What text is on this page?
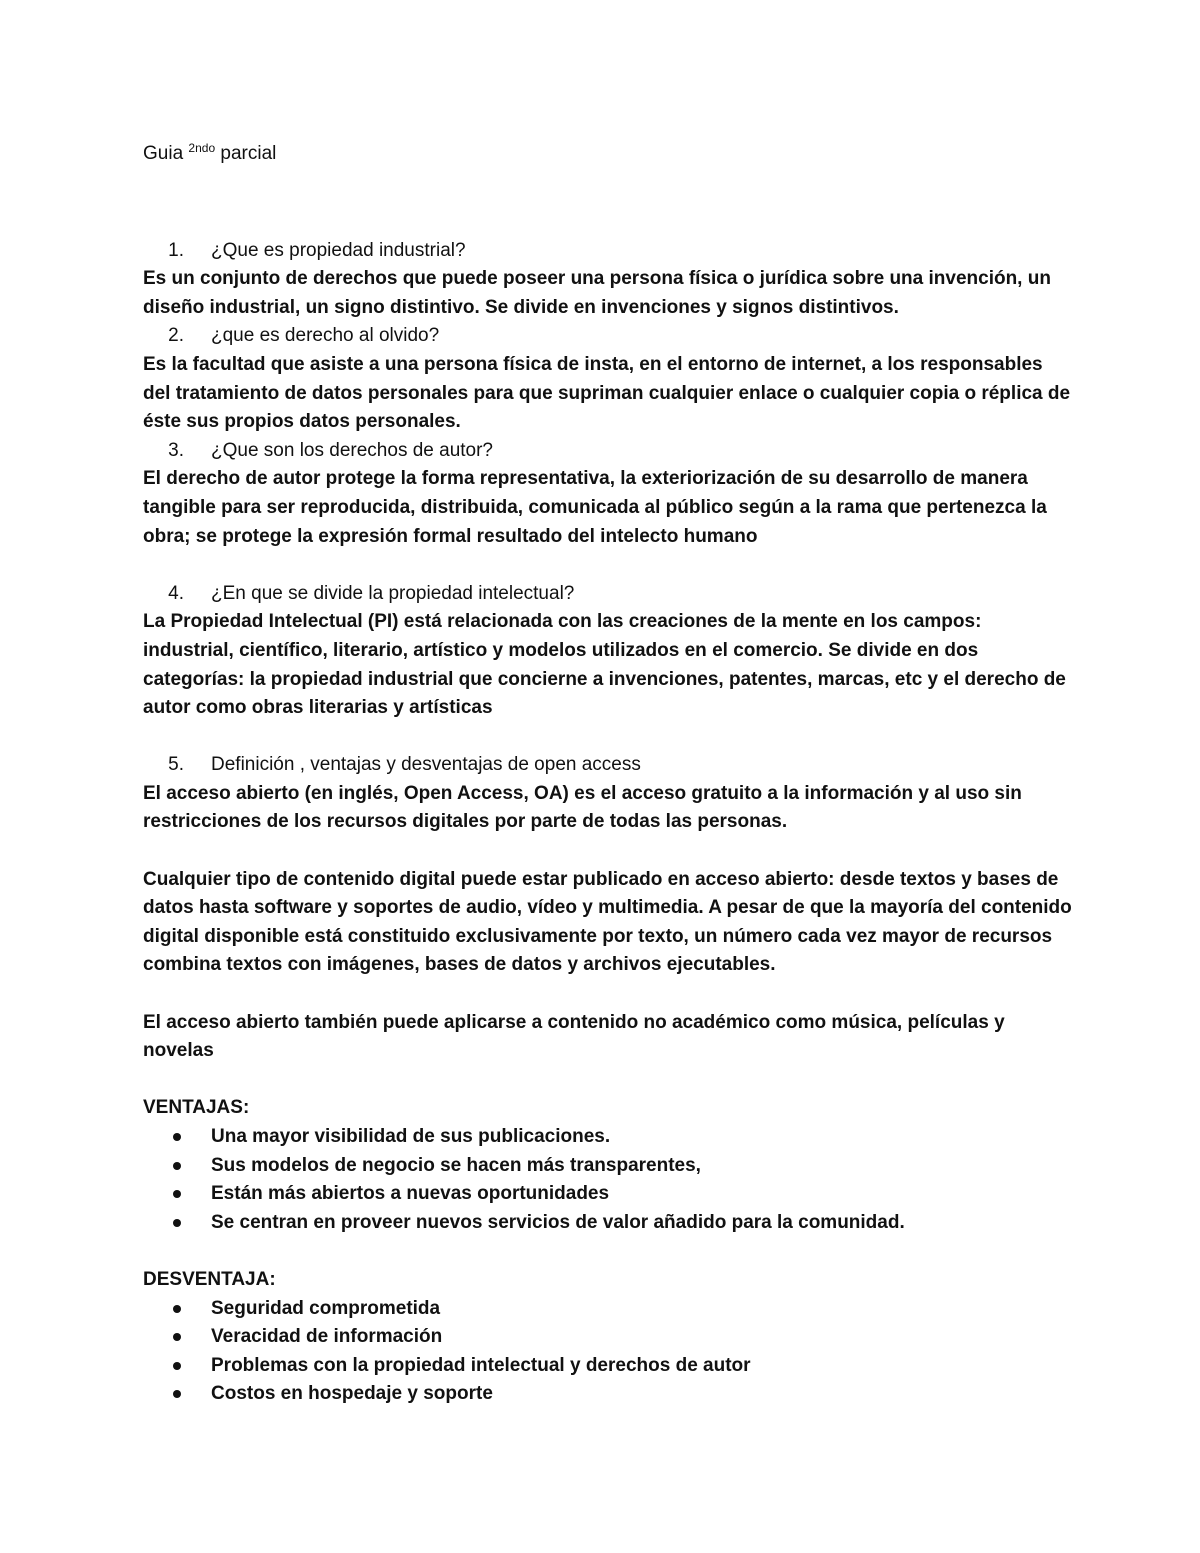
Guia $^{2ndo}$ parcial

1.	¿Que es propiedad industrial?

Es un conjunto de derechos que puede poseer una persona física o jurídica sobre una invención, un diseño industrial, un signo distintivo. Se divide en invenciones y signos distintivos.

2.	¿que es derecho al olvido?

Es la facultad que asiste a una persona física de insta, en el entorno de internet, a los responsables del tratamiento de datos personales para que supriman cualquier enlace o cualquier copia o réplica de éste sus propios datos personales.

3.	¿Que son los derechos de autor?

El derecho de autor protege la forma representativa, la exteriorización de su desarrollo de manera tangible para ser reproducida, distribuida, comunicada al público según a la rama que pertenezca la obra; se protege la expresión formal resultado del intelecto humano

4.	¿En que se divide la propiedad intelectual?

La Propiedad Intelectual (PI) está relacionada con las creaciones de la mente en los campos: industrial, científico, literario, artístico y modelos utilizados en el comercio. Se divide en dos categorías: la propiedad industrial que concierne a invenciones, patentes, marcas, etc y el derecho de autor como obras literarias y artísticas

5.	Definición , ventajas y desventajas de open access

El acceso abierto (en inglés, Open Access, OA) es el acceso gratuito a la información y al uso sin restricciones de los recursos digitales por parte de todas las personas.

Cualquier tipo de contenido digital puede estar publicado en acceso abierto: desde textos y bases de datos hasta software y soportes de audio, vídeo y multimedia. A pesar de que la mayoría del contenido digital disponible está constituido exclusivamente por texto, un número cada vez mayor de recursos combina textos con imágenes, bases de datos y archivos ejecutables.

El acceso abierto también puede aplicarse a contenido no académico como música, películas y novelas

VENTAJAS:

Una mayor visibilidad de sus publicaciones.
Sus modelos de negocio se hacen más transparentes,
Están más abiertos a nuevas oportunidades
Se centran en proveer nuevos servicios de valor añadido para la comunidad.

DESVENTAJA:

Seguridad comprometida
Veracidad de información
Problemas con la propiedad intelectual y derechos de autor
Costos en hospedaje y soporte
